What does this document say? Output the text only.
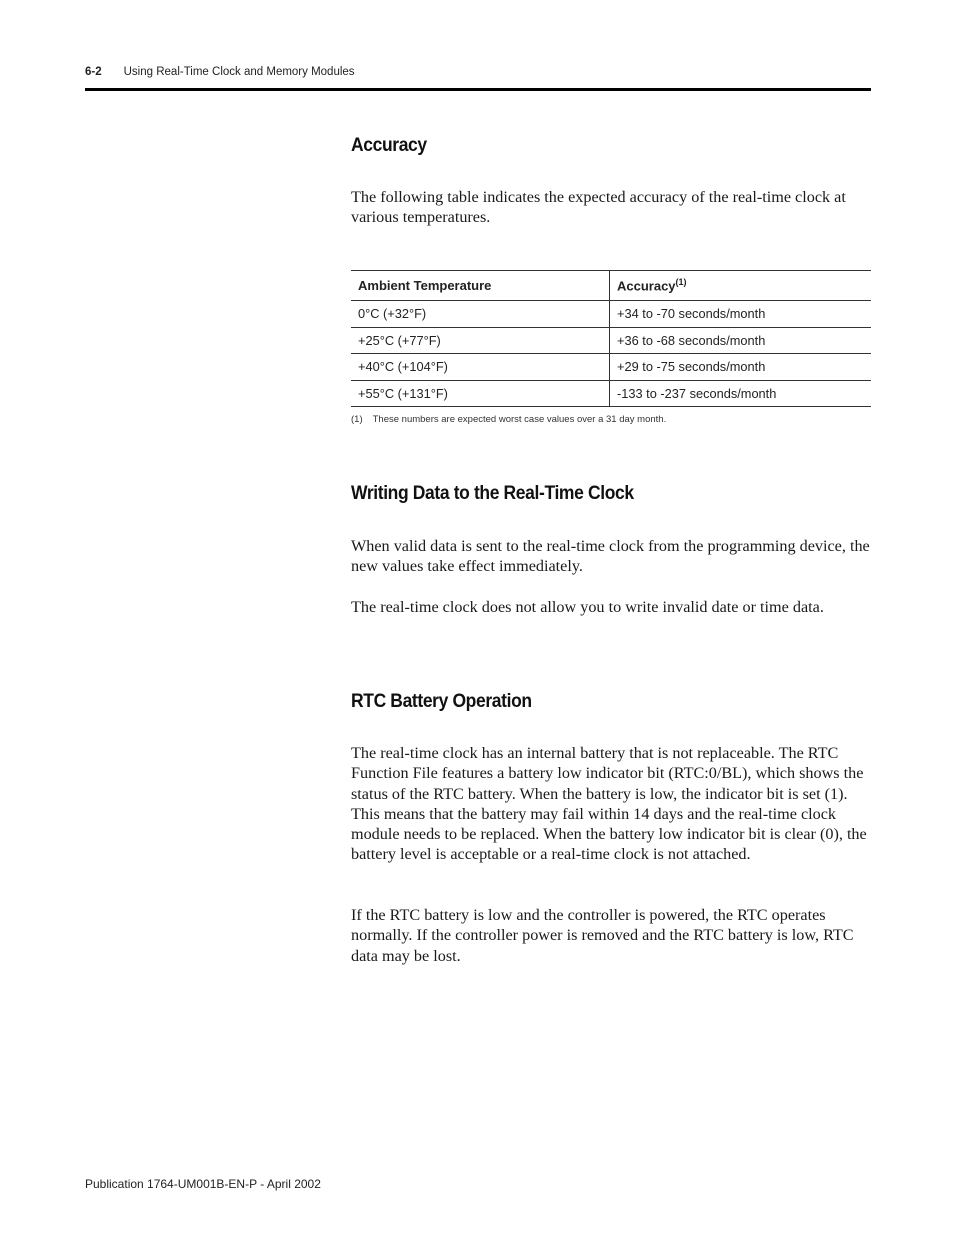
6-2 Using Real-Time Clock and Memory Modules
Accuracy

The following table indicates the expected accuracy of the real-time clock at various temperatures.

Ambient Temperature	Accuracy$^{(1)}$
0°C (+32°F)	+34 to -70 seconds/month
+25°C (+77°F)	+36 to -68 seconds/month
+40°C (+104°F)	+29 to -75 seconds/month
+55°C (+131°F)	-133 to -237 seconds/month
(1) These numbers are expected worst case values over a 31 day month.
Writing Data to the Real-Time Clock

When valid data is sent to the real-time clock from the programming device, the new values take effect immediately.

The real-time clock does not allow you to write invalid date or time data.

RTC Battery Operation

The real-time clock has an internal battery that is not replaceable. The RTC Function File features a battery low indicator bit (RTC:0/BL), which shows the status of the RTC battery. When the battery is low, the indicator bit is set (1). This means that the battery may fail within 14 days and the real-time clock module needs to be replaced. When the battery low indicator bit is clear (0), the battery level is acceptable or a real-time clock is not attached.

If the RTC battery is low and the controller is powered, the RTC operates normally. If the controller power is removed and the RTC battery is low, RTC data may be lost.

Publication 1764-UM001B-EN-P - April 2002
